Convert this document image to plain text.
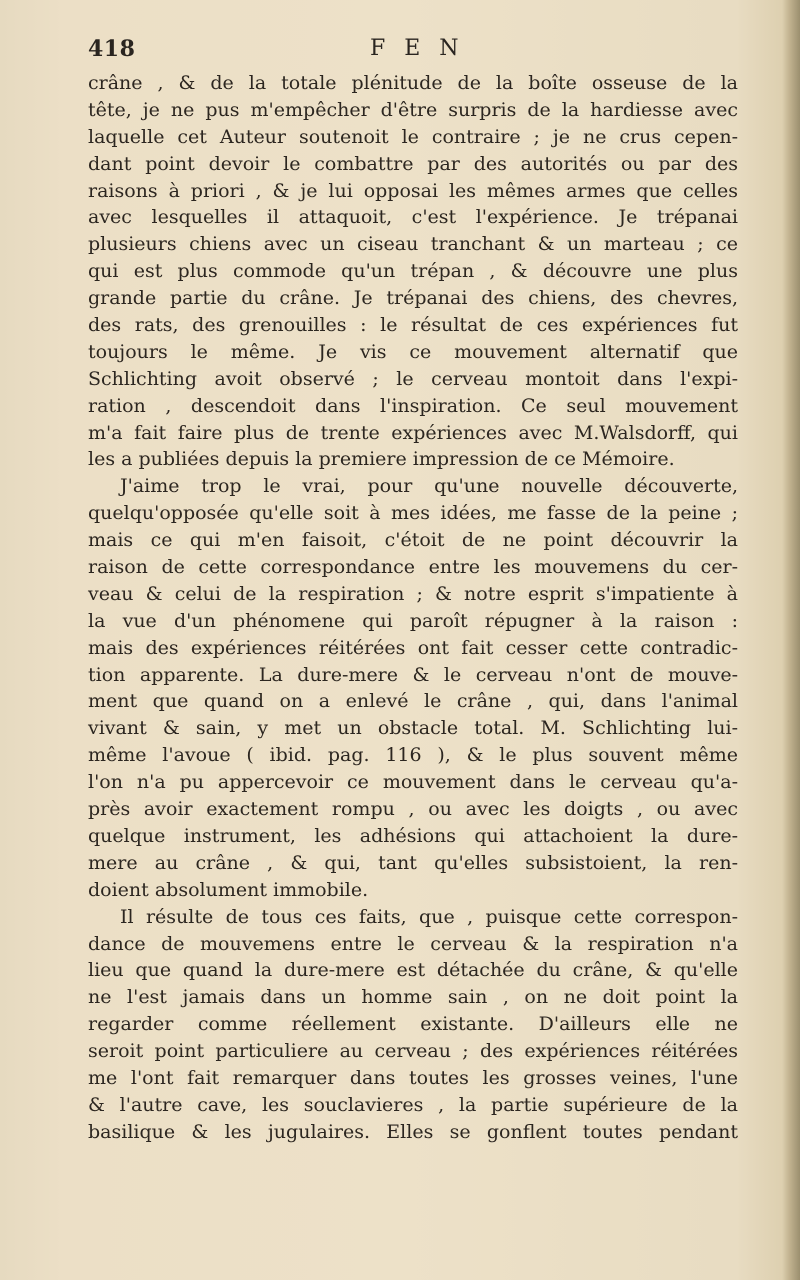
418	F E N
crâne , & de la totale plénitude de la boîte osseuse de la
tête, je ne pus m'empêcher d'être surpris de la hardiesse avec
laquelle cet Auteur soutenoit le contraire ; je ne crus cepen-
dant point devoir le combattre par des autorités ou par des
raisons à priori , & je lui opposai les mêmes armes que celles
avec lesquelles il attaquoit, c'est l'expérience. Je trépanai
plusieurs chiens avec un ciseau tranchant & un marteau ; ce
qui est plus commode qu'un trépan , & découvre une plus
grande partie du crâne. Je trépanai des chiens, des chevres,
des rats, des grenouilles : le résultat de ces expériences fut
toujours le même. Je vis ce mouvement alternatif que
Schlichting avoit observé ; le cerveau montoit dans l'expi-
ration , descendoit dans l'inspiration. Ce seul mouvement
m'a fait faire plus de trente expériences avec M.Walsdorff, qui
les a publiées depuis la premiere impression de ce Mémoire.
J'aime trop le vrai, pour qu'une nouvelle découverte,
quelqu'opposée qu'elle soit à mes idées, me fasse de la peine ;
mais ce qui m'en faisoit, c'étoit de ne point découvrir la
raison de cette correspondance entre les mouvemens du cer-
veau & celui de la respiration ; & notre esprit s'impatiente à
la vue d'un phénomene qui paroît répugner à la raison :
mais des expériences réitérées ont fait cesser cette contradic-
tion apparente. La dure-mere & le cerveau n'ont de mouve-
ment que quand on a enlevé le crâne , qui, dans l'animal
vivant & sain, y met un obstacle total. M. Schlichting lui-
même l'avoue ( ibid. pag. 116 ), & le plus souvent même
l'on n'a pu appercevoir ce mouvement dans le cerveau qu'a-
près avoir exactement rompu , ou avec les doigts , ou avec
quelque instrument, les adhésions qui attachoient la dure-
mere au crâne , & qui, tant qu'elles subsistoient, la ren-
doient absolument immobile.
Il résulte de tous ces faits, que , puisque cette correspon-
dance de mouvemens entre le cerveau & la respiration n'a
lieu que quand la dure-mere est détachée du crâne, & qu'elle
ne l'est jamais dans un homme sain , on ne doit point la
regarder comme réellement existante. D'ailleurs elle ne
seroit point particuliere au cerveau ; des expériences réitérées
me l'ont fait remarquer dans toutes les grosses veines, l'une
& l'autre cave, les souclavieres , la partie supérieure de la
basilique & les jugulaires. Elles se gonflent toutes pendant
